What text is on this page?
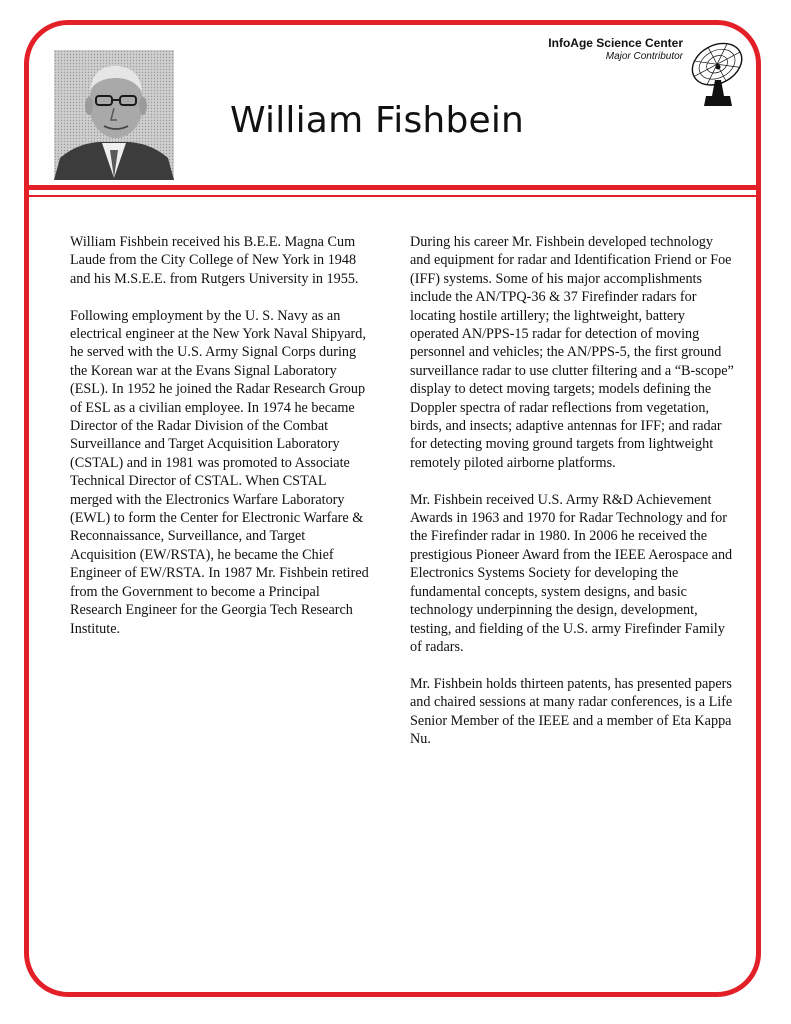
InfoAge Science Center
Major Contributor
William Fishbein

William Fishbein received his B.E.E. Magna Cum Laude from the City College of New York in 1948 and his M.S.E.E. from Rutgers University in 1955.

Following employment by the U. S. Navy as an electrical engineer at the New York Naval Shipyard, he served with the U.S. Army Signal Corps during the Korean war at the Evans Signal Laboratory (ESL). In 1952 he joined the Radar Research Group of ESL as a civilian employee. In 1974 he became Director of the Radar Division of the Combat Surveillance and Target Acquisition Laboratory (CSTAL) and in 1981 was promoted to Associate Technical Director of CSTAL. When CSTAL merged with the Electronics Warfare Laboratory (EWL) to form the Center for Electronic Warfare & Reconnaissance, Surveillance, and Target Acquisition (EW/RSTA), he became the Chief Engineer of EW/RSTA. In 1987 Mr. Fishbein retired from the Government to become a Principal Research Engineer for the Georgia Tech Research Institute.

During his career Mr. Fishbein developed technology and equipment for radar and Identification Friend or Foe (IFF) systems. Some of his major accomplishments include the AN/TPQ-36 & 37 Firefinder radars for locating hostile artillery; the lightweight, battery operated AN/PPS-15 radar for detection of moving personnel and vehicles; the AN/PPS-5, the first ground surveillance radar to use clutter filtering and a “B-scope” display to detect moving targets; models defining the Doppler spectra of radar reflections from vegetation, birds, and insects; adaptive antennas for IFF; and radar for detecting moving ground targets from lightweight remotely piloted airborne platforms.

Mr. Fishbein received U.S. Army R&D Achievement Awards in 1963 and 1970 for Radar Technology and for the Firefinder radar in 1980. In 2006 he received the prestigious Pioneer Award from the IEEE Aerospace and Electronics Systems Society for developing the fundamental concepts, system designs, and basic technology underpinning the design, development, testing, and fielding of the U.S. army Firefinder Family of radars.

Mr. Fishbein holds thirteen patents, has presented papers and chaired sessions at many radar conferences, is a Life Senior Member of the IEEE and a member of Eta Kappa Nu.
